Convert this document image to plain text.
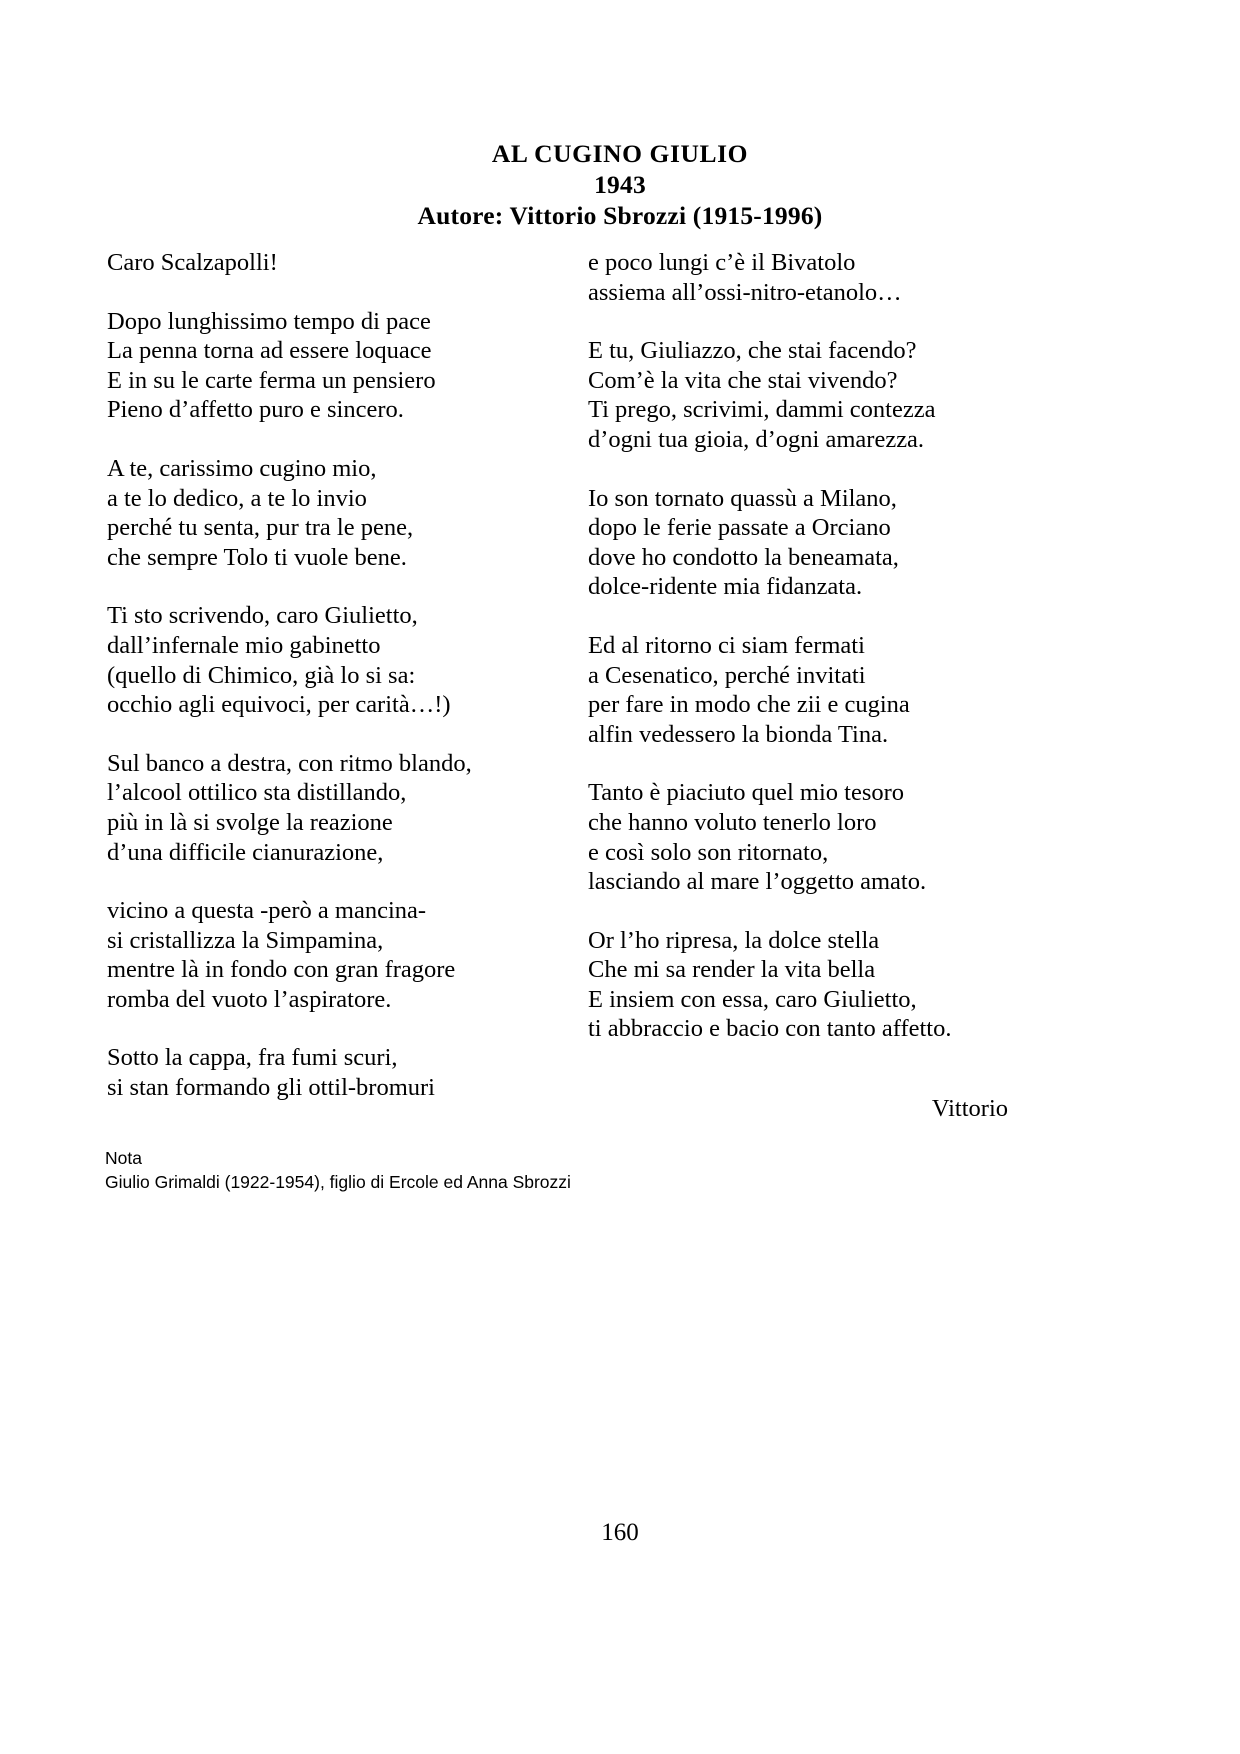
AL CUGINO GIULIO
1943
Autore: Vittorio Sbrozzi (1915-1996)
Caro Scalzapolli!
Dopo lunghissimo tempo di pace
La penna torna ad essere loquace
E in su le carte ferma un pensiero
Pieno d’affetto puro e sincero.
A te, carissimo cugino mio,
a te lo dedico, a te lo invio
perché tu senta, pur tra le pene,
che sempre Tolo ti vuole bene.
Ti sto scrivendo, caro Giulietto,
dall’infernale mio gabinetto
(quello di Chimico, già lo si sa:
occhio agli equivoci, per carità…!)
Sul banco a destra, con ritmo blando,
l’alcool ottilico sta distillando,
più in là si svolge la reazione
d’una difficile cianurazione,
vicino a questa -però a mancina-
si cristallizza la Simpamina,
mentre là in fondo con gran fragore
romba del vuoto l’aspiratore.
Sotto la cappa, fra fumi scuri,
si stan formando gli ottil-bromuri
e poco lungi c’è il Bivatolo
assiema all’ossi-nitro-etanolo…
E tu, Giuliazzo, che stai facendo?
Com’è la vita che stai vivendo?
Ti prego, scrivimi, dammi contezza
d’ogni tua gioia, d’ogni amarezza.
Io son tornato quassù a Milano,
dopo le ferie passate a Orciano
dove ho condotto la beneamata,
dolce-ridente mia fidanzata.
Ed al ritorno ci siam fermati
a Cesenatico, perché invitati
per fare in modo che zii e cugina
alfin vedessero la bionda Tina.
Tanto è piaciuto quel mio tesoro
che hanno voluto tenerlo loro
e così solo son ritornato,
lasciando al mare l’oggetto amato.
Or l’ho ripresa, la dolce stella
Che mi sa render la vita bella
E insiem con essa, caro Giulietto,
ti abbraccio e bacio con tanto affetto.
Vittorio
Nota
Giulio Grimaldi (1922-1954), figlio di Ercole ed Anna Sbrozzi
160
